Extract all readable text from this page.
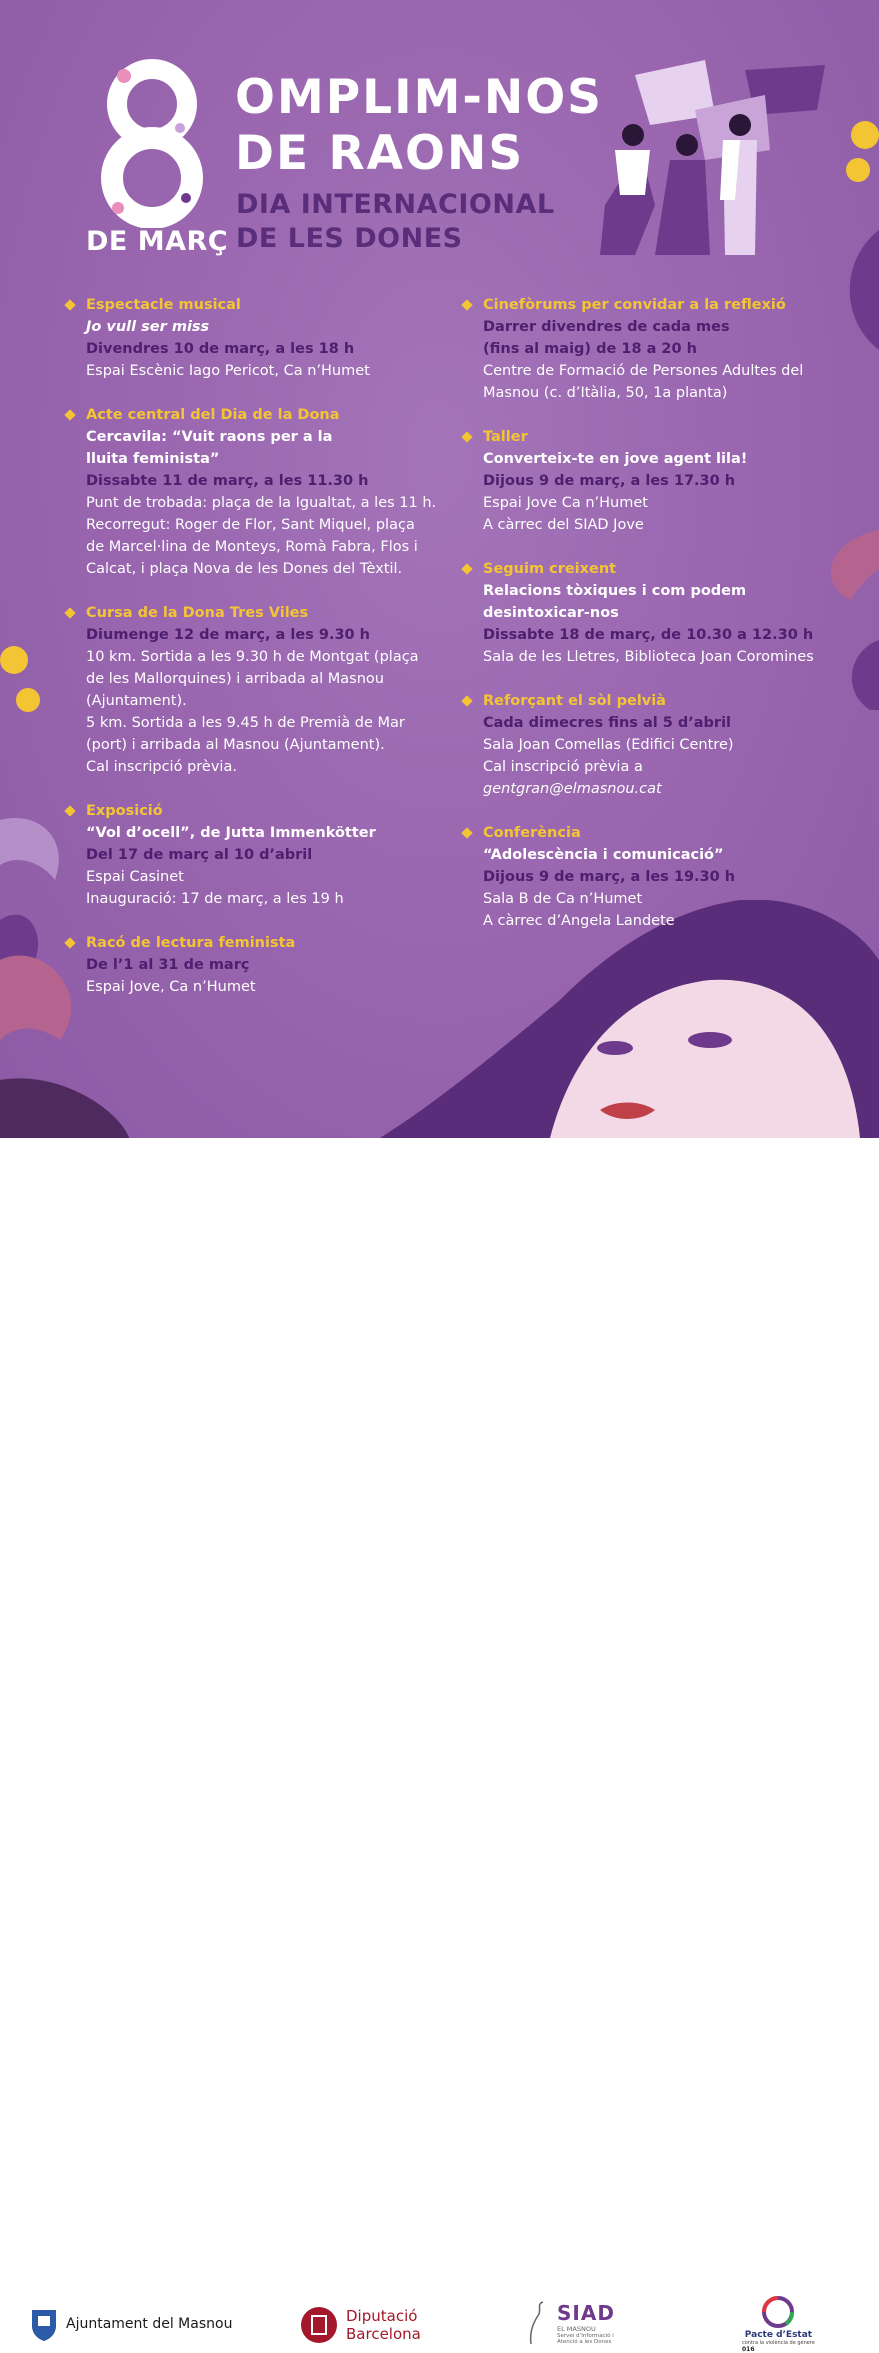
DE MARÇ
OMPLIM-NOS
DE RAONS
DIA INTERNACIONAL
DE LES DONES
Espectacle musical
Jo vull ser miss
Divendres 10 de març, a les 18 h
Espai Escènic Iago Pericot, Ca n’Humet
Acte central del Dia de la Dona
Cercavila: “Vuit raons per a la
lluita feminista”
Dissabte 11 de març, a les 11.30 h
Punt de trobada: plaça de la Igualtat, a les 11 h.
Recorregut: Roger de Flor, Sant Miquel, plaça
de Marcel·lina de Monteys, Romà Fabra, Flos i
Calcat, i plaça Nova de les Dones del Tèxtil.
Cursa de la Dona Tres Viles
Diumenge 12 de març, a les 9.30 h
10 km. Sortida a les 9.30 h de Montgat (plaça
de les Mallorquines) i arribada al Masnou
(Ajuntament).
5 km. Sortida a les 9.45 h de Premià de Mar
(port) i arribada al Masnou (Ajuntament).
Cal inscripció prèvia.
Exposició
“Vol d’ocell”, de Jutta Immenkötter
Del 17 de març al 10 d’abril
Espai Casinet
Inauguració: 17 de març, a les 19 h
Racó de lectura feminista
De l’1 al 31 de març
Espai Jove, Ca n’Humet
Cinefòrums per convidar a la reflexió
Darrer divendres de cada mes
(fins al maig) de 18 a 20 h
Centre de Formació de Persones Adultes del
Masnou (c. d’Itàlia, 50, 1a planta)
Taller
Converteix-te en jove agent lila!
Dijous 9 de març, a les 17.30 h
Espai Jove Ca n’Humet
A càrrec del SIAD Jove
Seguim creixent
Relacions tòxiques i com podem
desintoxicar-nos
Dissabte 18 de març, de 10.30 a 12.30 h
Sala de les Lletres, Biblioteca Joan Coromines
Reforçant el sòl pelvià
Cada dimecres fins al 5 d’abril
Sala Joan Comellas (Edifici Centre)
Cal inscripció prèvia a
gentgran@elmasnou.cat
Conferència
“Adolescència i comunicació”
Dijous 9 de març, a les 19.30 h
Sala B de Ca n’Humet
A càrrec d’Angela Landete
Ajuntament del Masnou	Diputació
Barcelona
SIAD
EL MASNOU
Servei d’Informació i
Atenció a les Dones
Pacte d’Estat
contra la violència de gènere
016
